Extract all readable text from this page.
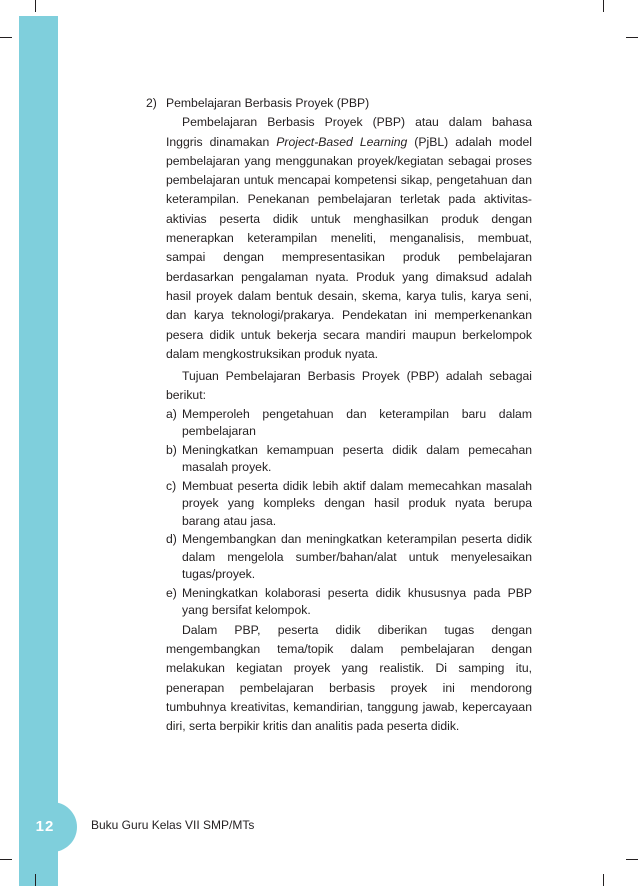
2) Pembelajaran Berbasis Proyek (PBP)

Pembelajaran Berbasis Proyek (PBP) atau dalam bahasa Inggris dinamakan Project-Based Learning (PjBL) adalah model pembelajaran yang menggunakan proyek/kegiatan sebagai proses pembelajaran untuk mencapai kompetensi sikap, pengetahuan dan keterampilan. Penekanan pembelajaran terletak pada aktivitas-aktivias peserta didik untuk menghasilkan produk dengan menerapkan keterampilan meneliti, menganalisis, membuat, sampai dengan mempresentasikan produk pembelajaran berdasarkan pengalaman nyata. Produk yang dimaksud adalah hasil proyek dalam bentuk desain, skema, karya tulis, karya seni, dan karya teknologi/prakarya. Pendekatan ini memperkenankan pesera didik untuk bekerja secara mandiri maupun berkelompok dalam mengkostruksikan produk nyata.

Tujuan Pembelajaran Berbasis Proyek (PBP) adalah sebagai berikut:

a) Memperoleh pengetahuan dan keterampilan baru dalam pembelajaran
b) Meningkatkan kemampuan peserta didik dalam pemecahan masalah proyek.
c) Membuat peserta didik lebih aktif dalam memecahkan masalah proyek yang kompleks dengan hasil produk nyata berupa barang atau jasa.
d) Mengembangkan dan meningkatkan keterampilan peserta didik dalam mengelola sumber/bahan/alat untuk menyelesaikan tugas/proyek.
e) Meningkatkan kolaborasi peserta didik khususnya pada PBP yang bersifat kelompok.

Dalam PBP, peserta didik diberikan tugas dengan mengembangkan tema/topik dalam pembelajaran dengan melakukan kegiatan proyek yang realistik. Di samping itu, penerapan pembelajaran berbasis proyek ini mendorong tumbuhnya kreativitas, kemandirian, tanggung jawab, kepercayaan diri, serta berpikir kritis dan analitis pada peserta didik.

12	Buku Guru Kelas VII SMP/MTs
